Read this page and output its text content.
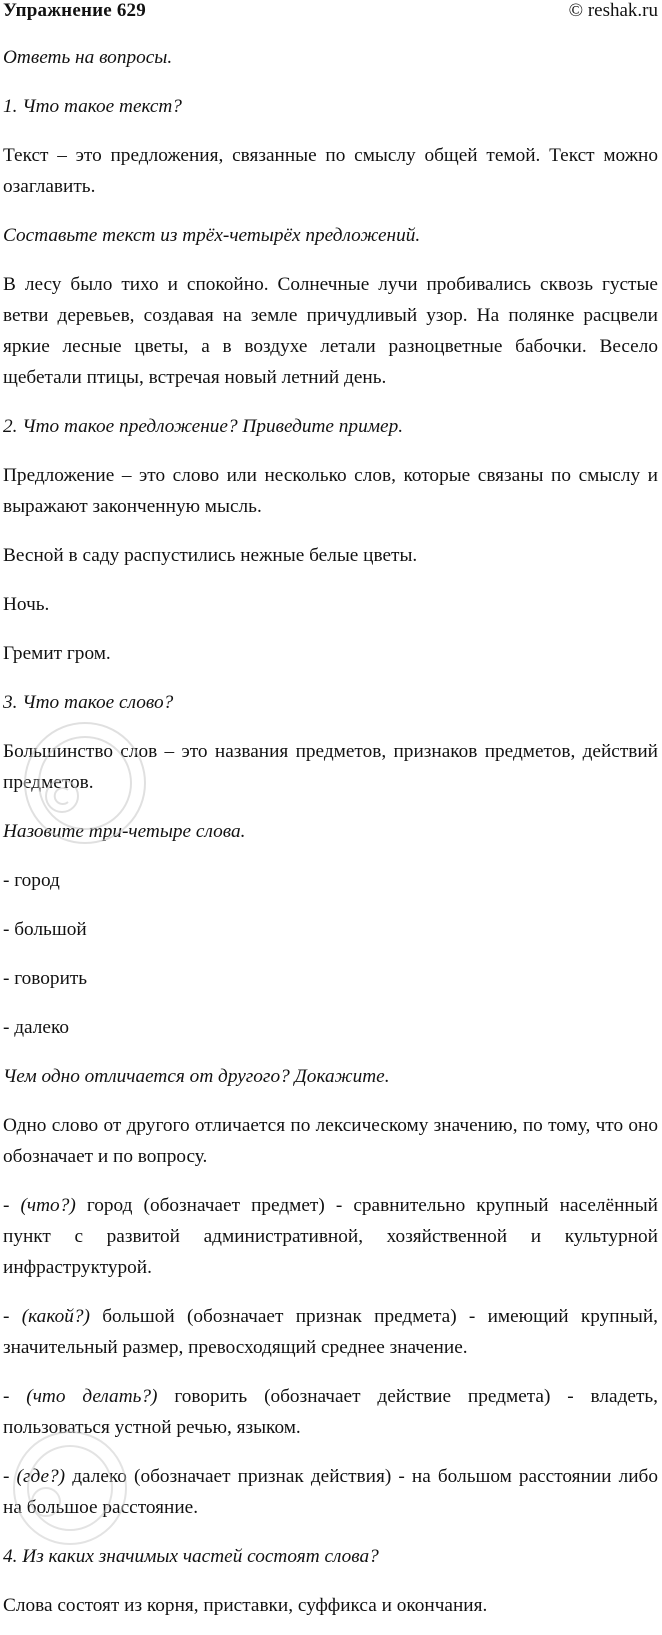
Упражнение 629	© reshak.ru

Ответь на вопросы.

1. Что такое текст?

Текст – это предложения, связанные по смыслу общей темой. Текст можно озаглавить.

Составьте текст из трёх-четырёх предложений.

В лесу было тихо и спокойно. Солнечные лучи пробивались сквозь густые ветви деревьев, создавая на земле причудливый узор. На полянке расцвели яркие лесные цветы, а в воздухе летали разноцветные бабочки. Весело щебетали птицы, встречая новый летний день.

2. Что такое предложение? Приведите пример.

Предложение – это слово или несколько слов, которые связаны по смыслу и выражают законченную мысль.

Весной в саду распустились нежные белые цветы.

Ночь.

Гремит гром.

3. Что такое слово?

Большинство слов – это названия предметов, признаков предметов, действий предметов.

Назовите три-четыре слова.

- город

- большой

- говорить

- далеко

Чем одно отличается от другого? Докажите.

Одно слово от другого отличается по лексическому значению, по тому, что оно обозначает и по вопросу.

- (что?) город (обозначает предмет) - сравнительно крупный населённый пункт с развитой административной, хозяйственной и культурной инфраструктурой.

- (какой?) большой (обозначает признак предмета) - имеющий крупный, значительный размер, превосходящий среднее значение.

- (что делать?) говорить (обозначает действие предмета) - владеть, пользоваться устной речью, языком.

- (где?) далеко (обозначает признак действия) - на большом расстоянии либо на большое расстояние.

4. Из каких значимых частей состоят слова?

Слова состоят из корня, приставки, суффикса и окончания.
